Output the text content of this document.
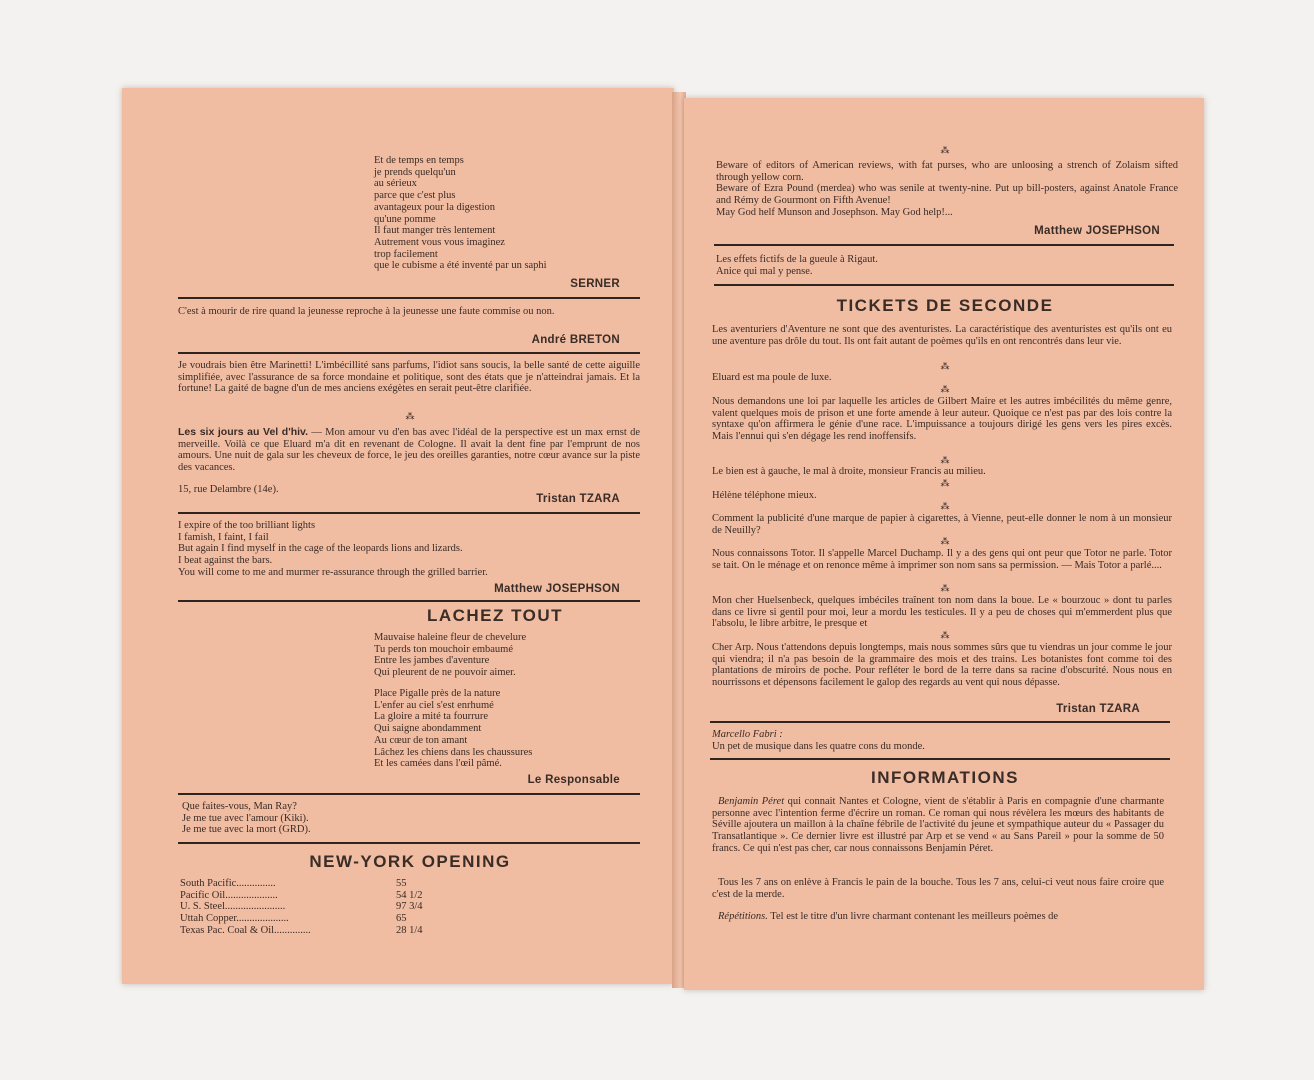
Et de temps en temps
je prends quelqu'un
au sérieux
parce que c'est plus
avantageux pour la digestion
qu'une pomme
Il faut manger très lentement
Autrement vous vous imaginez
trop facilement
que le cubisme a été inventé par un saphi
SERNER
C'est à mourir de rire quand la jeunesse reproche à la jeunesse une faute commise ou non.
André BRETON
Je voudrais bien être Marinetti! L'imbécillité sans parfums, l'idiot sans soucis, la belle santé de cette aiguille simplifiée, avec l'assurance de sa force mondaine et politique, sont des états que je n'atteindrai jamais. Et la fortune! La gaité de bagne d'un de mes anciens exégètes en serait peut-être clarifiée.
⁂
Les six jours au Vel d'hiv. — Mon amour vu d'en bas avec l'idéal de la perspective est un max ernst de merveille. Voilà ce que Eluard m'a dit en revenant de Cologne. Il avait la dent fine par l'emprunt de nos amours. Une nuit de gala sur les cheveux de force, le jeu des oreilles garanties, notre cœur avance sur la piste des vacances.
15, rue Delambre (14e).
Tristan TZARA
I expire of the too brilliant lights
I famish, I faint, I fail
But again I find myself in the cage of the leopards lions and lizards.
I beat against the bars.
You will come to me and murmer re-assurance through the grilled barrier.
Matthew JOSEPHSON
LACHEZ TOUT
Mauvaise haleine fleur de chevelure
Tu perds ton mouchoir embaumé
Entre les jambes d'aventure
Qui pleurent de ne pouvoir aimer.
Place Pigalle près de la nature
L'enfer au ciel s'est enrhumé
La gloire a mité ta fourrure
Qui saigne abondamment
Au cœur de ton amant
Lâchez les chiens dans les chaussures
Et les camées dans l'œil pâmé.
Le Responsable
Que faites-vous, Man Ray?
Je me tue avec l'amour (Kiki).
Je me tue avec la mort (GRD).
NEW-YORK OPENING
South Pacific...............	55
Pacific Oil....................	54 1/2
U. S. Steel.......................	97 3/4
Uttah Copper....................	65
Texas Pac. Coal & Oil..............	28 1/4
⁂
Beware of editors of American reviews, with fat purses, who are unloosing a strench of Zolaism sifted through yellow corn.
Beware of Ezra Pound (merdea) who was senile at twenty-nine. Put up bill-posters, against Anatole France and Rémy de Gourmont on Fifth Avenue!
May God helf Munson and Josephson. May God help!...
Matthew JOSEPHSON
Les effets fictifs de la gueule à Rigaut.
Anice qui mal y pense.
TICKETS DE SECONDE
Les aventuriers d'Aventure ne sont que des aventuristes. La caractéristique des aventuristes est qu'ils ont eu une aventure pas drôle du tout. Ils ont fait autant de poèmes qu'ils en ont rencontrés dans leur vie.
⁂
Eluard est ma poule de luxe.
⁂
Nous demandons une loi par laquelle les articles de Gilbert Maire et les autres imbécilités du même genre, valent quelques mois de prison et une forte amende à leur auteur. Quoique ce n'est pas par des lois contre la syntaxe qu'on affirmera le génie d'une race. L'impuissance a toujours dirigé les gens vers les pires excès. Mais l'ennui qui s'en dégage les rend inoffensifs.
⁂
Le bien est à gauche, le mal à droite, monsieur Francis au milieu.
⁂
Hélène téléphone mieux.
⁂
Comment la publicité d'une marque de papier à cigarettes, à Vienne, peut-elle donner le nom à un monsieur de Neuilly?
⁂
Nous connaissons Totor. Il s'appelle Marcel Duchamp. Il y a des gens qui ont peur que Totor ne parle. Totor se tait. On le ménage et on renonce même à imprimer son nom sans sa permission. — Mais Totor a parlé....
⁂
Mon cher Huelsenbeck, quelques imbéciles traînent ton nom dans la boue. Le « bourzouc » dont tu parles dans ce livre si gentil pour moi, leur a mordu les testicules. Il y a peu de choses qui m'emmerdent plus que l'absolu, le libre arbitre, le presque et
⁂
Cher Arp. Nous t'attendons depuis longtemps, mais nous sommes sûrs que tu viendras un jour comme le jour qui viendra; il n'a pas besoin de la grammaire des mois et des trains. Les botanistes font comme toi des plantations de miroirs de poche. Pour refléter le bord de la terre dans sa racine d'obscurité. Nous nous en nourrissons et dépensons facilement le galop des regards au vent qui nous dépasse.
Tristan TZARA
Marcello Fabri :
Un pet de musique dans les quatre cons du monde.
INFORMATIONS
Benjamin Péret qui connait Nantes et Cologne, vient de s'établir à Paris en compagnie d'une charmante personne avec l'intention ferme d'écrire un roman. Ce roman qui nous révèlera les mœurs des habitants de Séville ajoutera un maillon à la chaîne fébrile de l'activité du jeune et sympathique auteur du « Passager du Transatlantique ». Ce dernier livre est illustré par Arp et se vend « au Sans Pareil » pour la somme de 50 francs. Ce qui n'est pas cher, car nous connaissons Benjamin Péret.
Tous les 7 ans on enlève à Francis le pain de la bouche. Tous les 7 ans, celui-ci veut nous faire croire que c'est de la merde.
Répétitions. Tel est le titre d'un livre charmant contenant les meilleurs poèmes de
